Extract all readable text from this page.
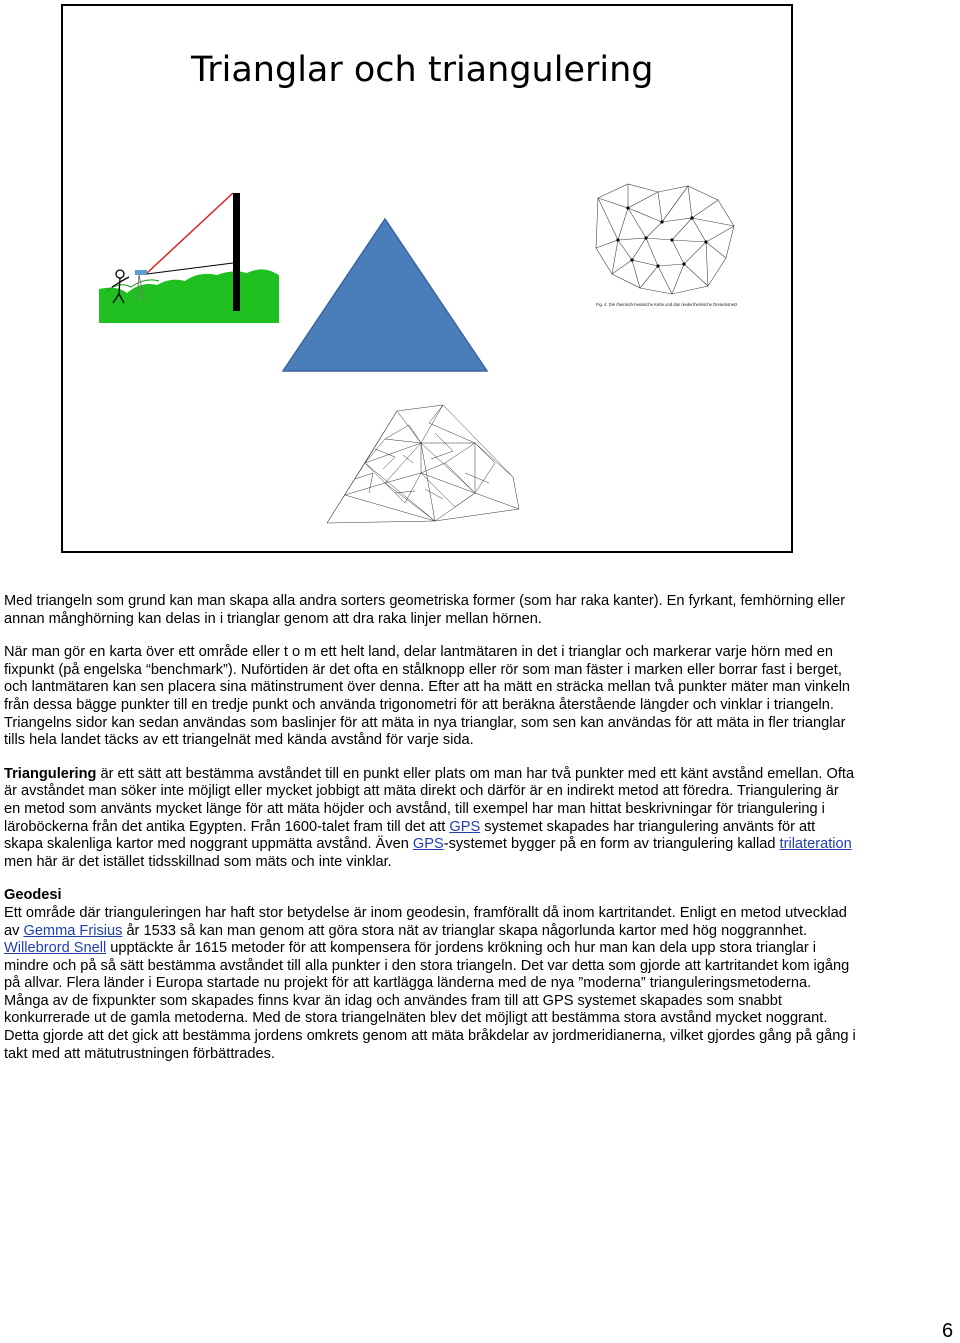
Trianglar och triangulering
Fig. 4. Die rheinisch-hessische Kette und das niederrheinische Dreiecksnetz.

Med triangeln som grund kan man skapa alla andra sorters geometriska former (som har raka kanter). En fyrkant, femhörning eller annan månghörning kan delas in i trianglar genom att dra raka linjer mellan hörnen.

När man gör en karta över ett område eller t o m ett helt land, delar lantmätaren in det i trianglar och markerar varje hörn med en fixpunkt (på engelska “benchmark”). Nuförtiden är det ofta en stålknopp eller rör som man fäster i marken eller borrar fast i berget, och lantmätaren kan sen placera sina mätinstrument över denna. Efter att ha mätt en sträcka mellan två punkter mäter man vinkeln från dessa bägge punkter till en tredje punkt och använda trigonometri för att beräkna återstående längder och vinklar i triangeln. Triangelns sidor kan sedan användas som baslinjer för att mäta in nya trianglar, som sen kan användas för att mäta in fler trianglar tills hela landet täcks av ett triangelnät med kända avstånd för varje sida.

Triangulering är ett sätt att bestämma avståndet till en punkt eller plats om man har två punkter med ett känt avstånd emellan. Ofta är avståndet man söker inte möjligt eller mycket jobbigt att mäta direkt och därför är en indirekt metod att föredra. Triangulering är en metod som använts mycket länge för att mäta höjder och avstånd, till exempel har man hittat beskrivningar för triangulering i läroböckerna från det antika Egypten. Från 1600-talet fram till det att GPS systemet skapades har triangulering använts för att skapa skalenliga kartor med noggrant uppmätta avstånd. Även GPS-systemet bygger på en form av triangulering kallad trilateration men här är det istället tidsskillnad som mäts och inte vinklar.

Geodesi

Ett område där trianguleringen har haft stor betydelse är inom geodesin, framförallt då inom kartritandet. Enligt en metod utvecklad av Gemma Frisius år 1533 så kan man genom att göra stora nät av trianglar skapa någorlunda kartor med hög noggrannhet. Willebrord Snell upptäckte år 1615 metoder för att kompensera för jordens krökning och hur man kan dela upp stora trianglar i mindre och på så sätt bestämma avståndet till alla punkter i den stora triangeln. Det var detta som gjorde att kartritandet kom igång på allvar. Flera länder i Europa startade nu projekt för att kartlägga länderna med de nya ”moderna” trianguleringsmetoderna. Många av de fixpunkter som skapades finns kvar än idag och användes fram till att GPS systemet skapades som snabbt konkurrerade ut de gamla metoderna. Med de stora triangelnäten blev det möjligt att bestämma stora avstånd mycket noggrant. Detta gjorde att det gick att bestämma jordens omkrets genom att mäta bråkdelar av jordmeridianerna, vilket gjordes gång på gång i takt med att mätutrustningen förbättrades.

6
